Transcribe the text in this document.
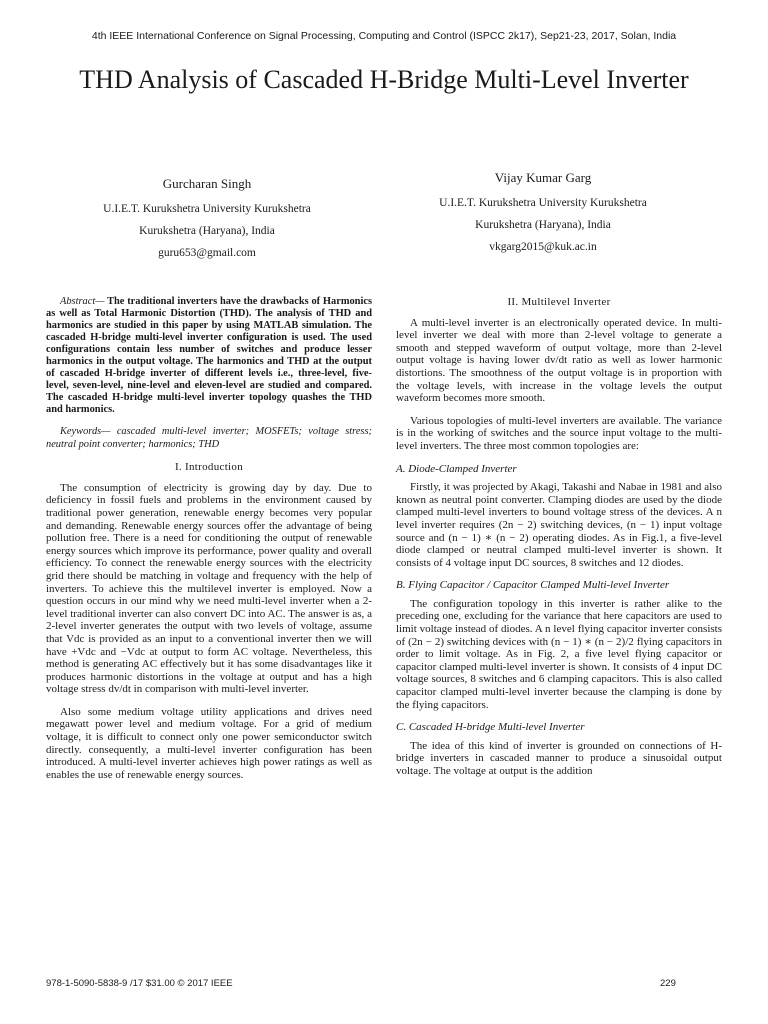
4th IEEE International Conference on Signal Processing, Computing and Control (ISPCC 2k17), Sep21-23, 2017, Solan, India
THD Analysis of Cascaded H-Bridge Multi-Level Inverter
Gurcharan Singh
U.I.E.T. Kurukshetra University Kurukshetra
Kurukshetra (Haryana), India
guru653@gmail.com
Vijay Kumar Garg
U.I.E.T. Kurukshetra University Kurukshetra
Kurukshetra (Haryana), India
vkgarg2015@kuk.ac.in

Abstract— The traditional inverters have the drawbacks of Harmonics as well as Total Harmonic Distortion (THD). The analysis of THD and harmonics are studied in this paper by using MATLAB simulation. The cascaded H-bridge multi-level inverter configuration is used. The used configurations contain less number of switches and produce lesser harmonics in the output voltage. The harmonics and THD at the output of cascaded H-bridge inverter of different levels i.e., three-level, five-level, seven-level, nine-level and eleven-level are studied and compared. The cascaded H-bridge multi-level inverter topology quashes the THD and harmonics.

Keywords— cascaded multi-level inverter; MOSFETs; voltage stress; neutral point converter; harmonics; THD

I. Introduction

The consumption of electricity is growing day by day. Due to deficiency in fossil fuels and problems in the environment caused by traditional power generation, renewable energy becomes very popular and demanding. Renewable energy sources offer the advantage of being pollution free. There is a need for conditioning the output of renewable energy sources which improve its performance, power quality and overall efficiency. To connect the renewable energy sources with the electricity grid there should be matching in voltage and frequency with the help of inverters. To achieve this the multilevel inverter is employed. Now a question occurs in our mind why we need multi-level inverter when a 2-level traditional inverter can also convert DC into AC. The answer is as, a 2-level inverter generates the output with two levels of voltage, assume that Vdc is provided as an input to a conventional inverter then we will have +Vdc and −Vdc at output to form AC voltage. Nevertheless, this method is generating AC effectively but it has some disadvantages like it produces harmonic distortions in the voltage at output and has a high voltage stress dv/dt in comparison with multi-level inverter.

Also some medium voltage utility applications and drives need megawatt power level and medium voltage. For a grid of medium voltage, it is difficult to connect only one power semiconductor switch directly. consequently, a multi-level inverter configuration has been introduced. A multi-level inverter achieves high power ratings as well as enables the use of renewable energy sources.

II. Multilevel Inverter

A multi-level inverter is an electronically operated device. In multi-level inverter we deal with more than 2-level voltage to generate a smooth and stepped waveform of output voltage, more than 2-level output voltage is having lower dv/dt ratio as well as lower harmonic distortions. The smoothness of the output voltage is in proportion with the voltage levels, with increase in the voltage levels the output waveform becomes more smooth.

Various topologies of multi-level inverters are available. The variance is in the working of switches and the source input voltage to the multi-level inverters. The three most common topologies are:

A. Diode-Clamped Inverter

Firstly, it was projected by Akagi, Takashi and Nabae in 1981 and also known as neutral point converter. Clamping diodes are used by the diode clamped multi-level inverters to bound voltage stress of the devices. A n level inverter requires (2n − 2) switching devices, (n − 1) input voltage source and (n − 1) ∗ (n − 2) operating diodes. As in Fig.1, a five-level diode clamped or neutral clamped multi-level inverter is shown. It consists of 4 voltage input DC sources, 8 switches and 12 diodes.

B. Flying Capacitor / Capacitor Clamped Multi-level Inverter

The configuration topology in this inverter is rather alike to the preceding one, excluding for the variance that here capacitors are used to limit voltage instead of diodes. A n level flying capacitor inverter consists of (2n − 2) switching devices with (n − 1) ∗ (n − 2)/2 flying capacitors in order to limit voltage. As in Fig. 2, a five level flying capacitor or capacitor clamped multi-level inverter is shown. It consists of 4 input DC voltage sources, 8 switches and 6 clamping capacitors. This is also called capacitor clamped multi-level inverter because the clamping is done by the flying capacitors.

C. Cascaded H-bridge Multi-level Inverter

The idea of this kind of inverter is grounded on connections of H-bridge inverters in cascaded manner to produce a sinusoidal output voltage. The voltage at output is the addition

978-1-5090-5838-9 /17 $31.00 © 2017 IEEE	229
